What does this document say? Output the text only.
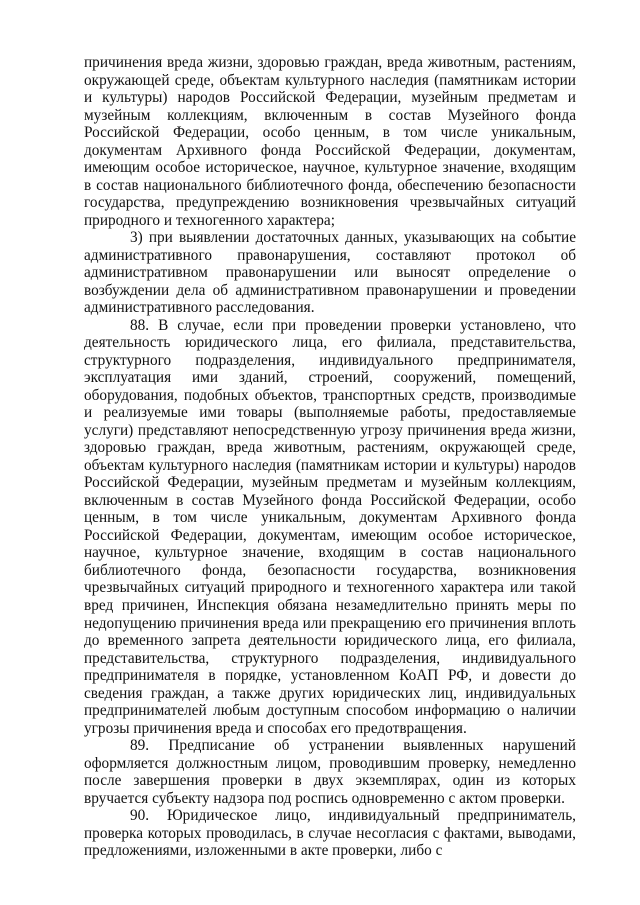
причинения вреда жизни, здоровью граждан, вреда животным, растениям, окружающей среде, объектам культурного наследия (памятникам истории и культуры) народов Российской Федерации, музейным предметам и музейным коллекциям, включенным в состав Музейного фонда Российской Федерации, особо ценным, в том числе уникальным, документам Архивного фонда Российской Федерации, документам, имеющим особое историческое, научное, культурное значение, входящим в состав национального библиотечного фонда, обеспечению безопасности государства, предупреждению возникновения чрезвычайных ситуаций природного и техногенного характера;

3) при выявлении достаточных данных, указывающих на событие административного правонарушения, составляют протокол об административном правонарушении или выносят определение о возбуждении дела об административном правонарушении и проведении административного расследования.

88. В случае, если при проведении проверки установлено, что деятельность юридического лица, его филиала, представительства, структурного подразделения, индивидуального предпринимателя, эксплуатация ими зданий, строений, сооружений, помещений, оборудования, подобных объектов, транспортных средств, производимые и реализуемые ими товары (выполняемые работы, предоставляемые услуги) представляют непосредственную угрозу причинения вреда жизни, здоровью граждан, вреда животным, растениям, окружающей среде, объектам культурного наследия (памятникам истории и культуры) народов Российской Федерации, музейным предметам и музейным коллекциям, включенным в состав Музейного фонда Российской Федерации, особо ценным, в том числе уникальным, документам Архивного фонда Российской Федерации, документам, имеющим особое историческое, научное, культурное значение, входящим в состав национального библиотечного фонда, безопасности государства, возникновения чрезвычайных ситуаций природного и техногенного характера или такой вред причинен, Инспекция обязана незамедлительно принять меры по недопущению причинения вреда или прекращению его причинения вплоть до временного запрета деятельности юридического лица, его филиала, представительства, структурного подразделения, индивидуального предпринимателя в порядке, установленном КоАП РФ, и довести до сведения граждан, а также других юридических лиц, индивидуальных предпринимателей любым доступным способом информацию о наличии угрозы причинения вреда и способах его предотвращения.

89. Предписание об устранении выявленных нарушений оформляется должностным лицом, проводившим проверку, немедленно после завершения проверки в двух экземплярах, один из которых вручается субъекту надзора под роспись одновременно с актом проверки.

90. Юридическое лицо, индивидуальный предприниматель, проверка которых проводилась, в случае несогласия с фактами, выводами, предложениями, изложенными в акте проверки, либо с
